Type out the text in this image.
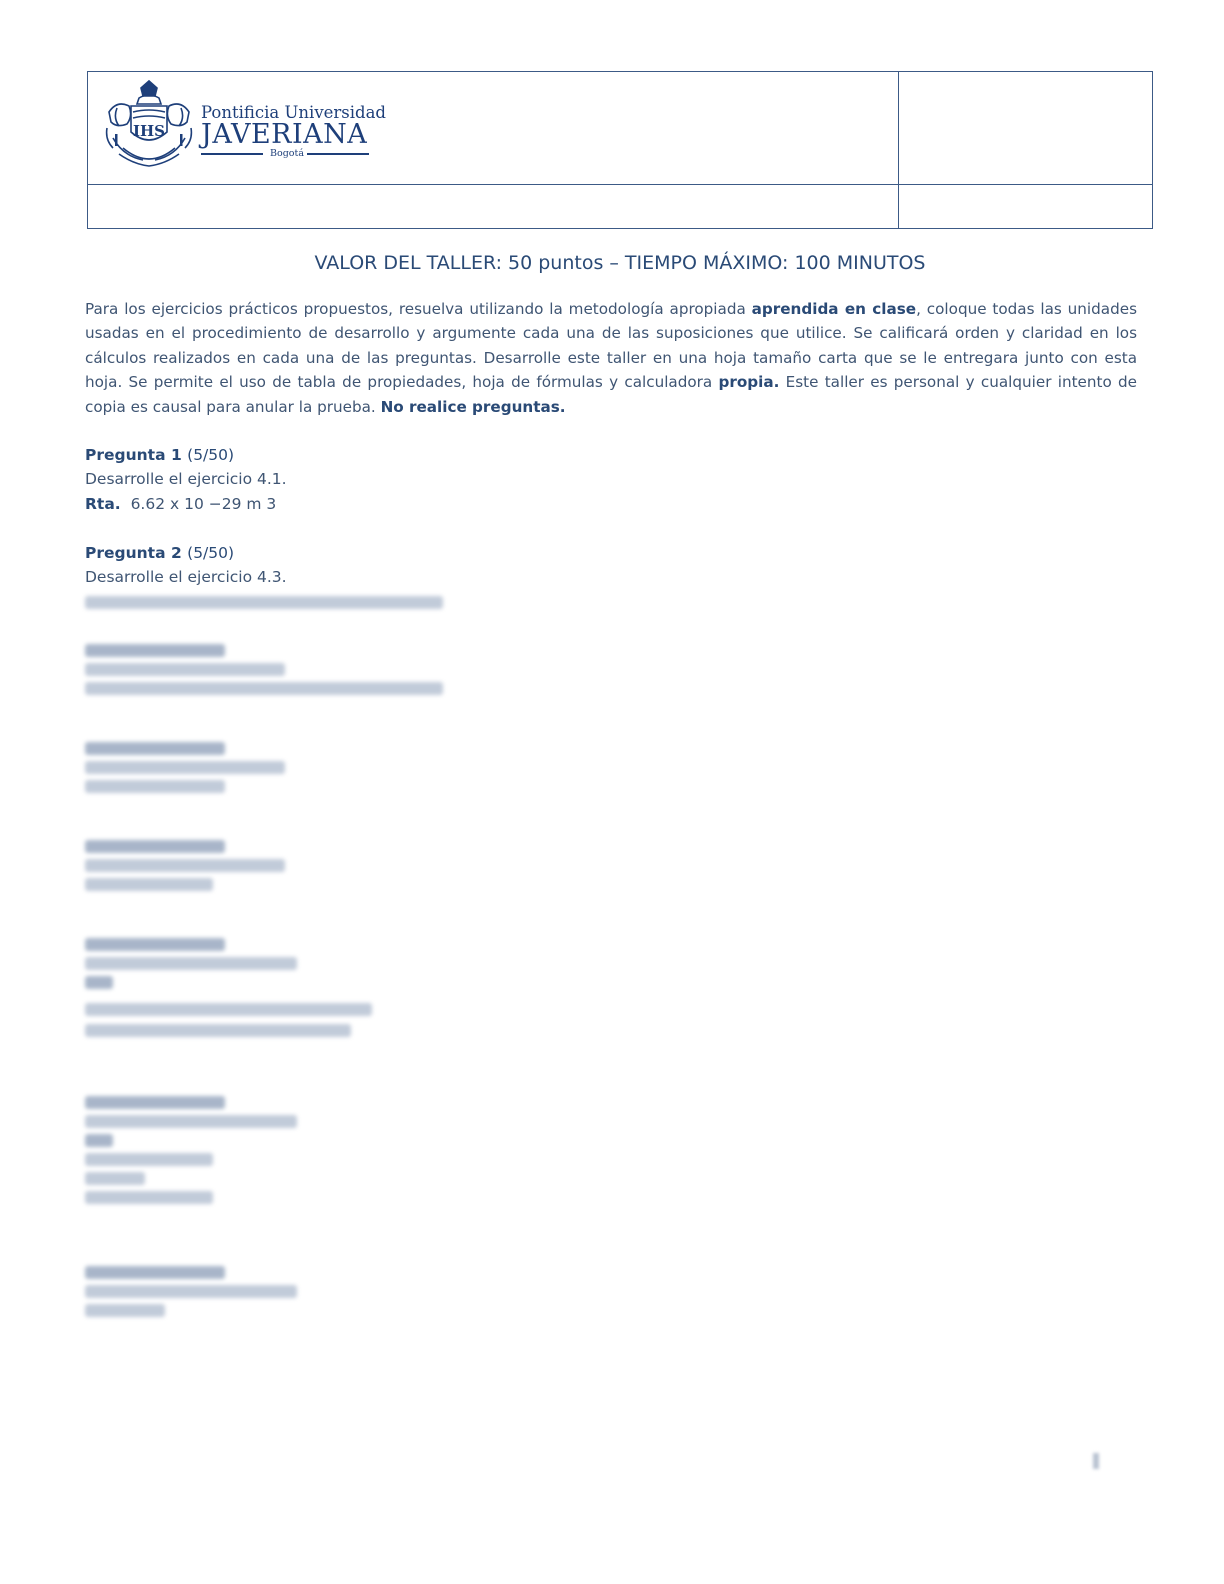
IHS
Pontificia Universidad
JAVERIANA
Bogotá
VALOR DEL TALLER: 50 puntos – TIEMPO MÁXIMO: 100 MINUTOS

Para los ejercicios prácticos propuestos, resuelva utilizando la metodología apropiada aprendida en clase, coloque todas las unidades usadas en el procedimiento de desarrollo y argumente cada una de las suposiciones que utilice. Se calificará orden y claridad en los cálculos realizados en cada una de las preguntas. Desarrolle este taller en una hoja tamaño carta que se le entregara junto con esta hoja. Se permite el uso de tabla de propiedades, hoja de fórmulas y calculadora propia. Este taller es personal y cualquier intento de copia es causal para anular la prueba. No realice preguntas.

Pregunta 1 (5/50)
Desarrolle el ejercicio 4.1.
Rta. 6.62 x 10 −29 m 3
Pregunta 2 (5/50)
Desarrolle el ejercicio 4.3.
